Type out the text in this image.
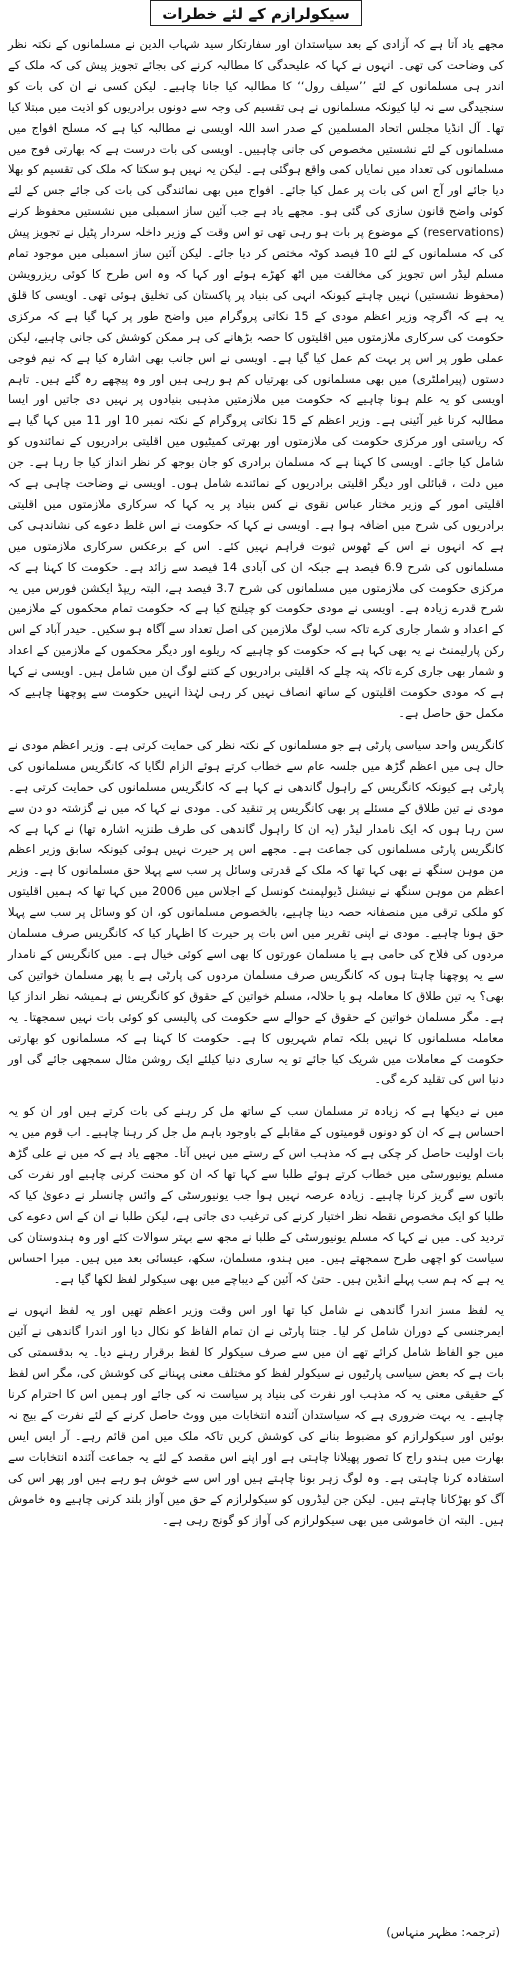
سیکولرازم کے لئے خطرات

مجھے یاد آتا ہے کہ آزادی کے بعد سیاستدان اور سفارتکار سید شہاب الدین نے مسلمانوں کے نکتہ نظر کی وضاحت کی تھی۔ انہوں نے کہا کہ علیحدگی کا مطالبہ کرنے کی بجائے تجویز پیش کی کہ ملک کے اندر ہی مسلمانوں کے لئے ’’سیلف رول‘‘ کا مطالبہ کیا جانا چاہیے۔ لیکن کسی نے ان کی بات کو سنجیدگی سے نہ لیا کیونکہ مسلمانوں نے ہی تقسیم کی وجہ سے دونوں برادریوں کو اذیت میں مبتلا کیا تھا۔ آل انڈیا مجلس اتحاد المسلمین کے صدر اسد اللہ اویسی نے مطالبہ کیا ہے کہ مسلح افواج میں مسلمانوں کے لئے نشستیں مخصوص کی جانی چاہییں۔ اویسی کی بات درست ہے کہ بھارتی فوج میں مسلمانوں کی تعداد میں نمایاں کمی واقع ہوگئی ہے۔ لیکن یہ نہیں ہو سکتا کہ ملک کی تقسیم کو بھلا دیا جائے اور آج اس کی بات پر عمل کیا جائے۔ افواج میں بھی نمائندگی کی بات کی جائے جس کے لئے کوئی واضح قانون سازی کی گئی ہو۔ مجھے یاد ہے جب آئین ساز اسمبلی میں نشستیں محفوظ کرنے (reservations) کے موضوع پر بات ہو رہی تھی تو اس وقت کے وزیر داخلہ سردار پٹیل نے تجویز پیش کی کہ مسلمانوں کے لئے 10 فیصد کوٹہ مختص کر دیا جائے۔ لیکن آئین ساز اسمبلی میں موجود تمام مسلم لیڈر اس تجویز کی مخالفت میں اٹھ کھڑے ہوئے اور کہا کہ وہ اس طرح کا کوئی ریزرویشن (محفوظ نشستیں) نہیں چاہتے کیونکہ انہی کی بنیاد پر پاکستان کی تخلیق ہوئی تھی۔ اویسی کا قلق یہ ہے کہ اگرچہ وزیر اعظم مودی کے 15 نکاتی پروگرام میں واضح طور پر کہا گیا ہے کہ مرکزی حکومت کی سرکاری ملازمتوں میں اقلیتوں کا حصہ بڑھانے کی ہر ممکن کوشش کی جانی چاہیے، لیکن عملی طور پر اس پر بہت کم عمل کیا گیا ہے۔ اویسی نے اس جانب بھی اشارہ کیا ہے کہ نیم فوجی دستوں (پیراملٹری) میں بھی مسلمانوں کی بھرتیاں کم ہو رہی ہیں اور وہ پیچھے رہ گئے ہیں۔ تاہم اویسی کو یہ علم ہونا چاہیے کہ حکومت میں ملازمتیں مذہبی بنیادوں پر نہیں دی جاتیں اور ایسا مطالبہ کرنا غیر آئینی ہے۔ وزیر اعظم کے 15 نکاتی پروگرام کے نکتہ نمبر 10 اور 11 میں کہا گیا ہے کہ ریاستی اور مرکزی حکومت کی ملازمتوں اور بھرتی کمیٹیوں میں اقلیتی برادریوں کے نمائندوں کو شامل کیا جائے۔ اویسی کا کہنا ہے کہ مسلمان برادری کو جان بوجھ کر نظر انداز کیا جا رہا ہے۔ جن میں دلت ، قبائلی اور دیگر اقلیتی برادریوں کے نمائندے شامل ہوں۔ اویسی نے وضاحت چاہی ہے کہ اقلیتی امور کے وزیر مختار عباس نقوی نے کس بنیاد پر یہ کہا کہ سرکاری ملازمتوں میں اقلیتی برادریوں کی شرح میں اضافہ ہوا ہے۔ اویسی نے کہا کہ حکومت نے اس غلط دعوے کی نشاندہی کی ہے کہ انہوں نے اس کے ٹھوس ثبوت فراہم نہیں کئے۔ اس کے برعکس سرکاری ملازمتوں میں مسلمانوں کی شرح 6.9 فیصد ہے جبکہ ان کی آبادی 14 فیصد سے زائد ہے۔ حکومت کا کہنا ہے کہ مرکزی حکومت کی ملازمتوں میں مسلمانوں کی شرح 3.7 فیصد ہے، البتہ ریپڈ ایکشن فورس میں یہ شرح قدرے زیادہ ہے۔ اویسی نے مودی حکومت کو چیلنج کیا ہے کہ حکومت تمام محکموں کے ملازمین کے اعداد و شمار جاری کرے تاکہ سب لوگ ملازمین کی اصل تعداد سے آگاہ ہو سکیں۔ حیدر آباد کے اس رکن پارلیمنٹ نے یہ بھی کہا ہے کہ حکومت کو چاہیے کہ ریلوے اور دیگر محکموں کے ملازمین کے اعداد و شمار بھی جاری کرے تاکہ پتہ چلے کہ اقلیتی برادریوں کے کتنے لوگ ان میں شامل ہیں۔ اویسی نے کہا ہے کہ مودی حکومت اقلیتوں کے ساتھ انصاف نہیں کر رہی لہٰذا انہیں حکومت سے پوچھنا چاہیے کہ مکمل حق حاصل ہے۔

کانگریس واحد سیاسی پارٹی ہے جو مسلمانوں کے نکتہ نظر کی حمایت کرتی ہے۔ وزیر اعظم مودی نے حال ہی میں اعظم گڑھ میں جلسہ عام سے خطاب کرتے ہوئے الزام لگایا کہ کانگریس مسلمانوں کی پارٹی ہے کیونکہ کانگریس کے راہول گاندھی نے کہا ہے کہ کانگریس مسلمانوں کی حمایت کرتی ہے۔ مودی نے تین طلاق کے مسئلے پر بھی کانگریس پر تنقید کی۔ مودی نے کہا کہ میں نے گزشتہ دو دن سے سن رہا ہوں کہ ایک نامدار لیڈر (یہ ان کا راہول گاندھی کی طرف طنزیہ اشارہ تھا) نے کہا ہے کہ کانگریس پارٹی مسلمانوں کی جماعت ہے۔ مجھے اس پر حیرت نہیں ہوئی کیونکہ سابق وزیر اعظم من موہن سنگھ نے بھی کہا تھا کہ ملک کے قدرتی وسائل پر سب سے پہلا حق مسلمانوں کا ہے۔ وزیر اعظم من موہن سنگھ نے نیشنل ڈیولپمنٹ کونسل کے اجلاس میں 2006 میں کہا تھا کہ ہمیں اقلیتوں کو ملکی ترقی میں منصفانہ حصہ دینا چاہیے، بالخصوص مسلمانوں کو، ان کو وسائل پر سب سے پہلا حق ہونا چاہیے۔ مودی نے اپنی تقریر میں اس بات پر حیرت کا اظہار کیا کہ کانگریس صرف مسلمان مردوں کی فلاح کی حامی ہے یا مسلمان عورتوں کا بھی اسے کوئی خیال ہے۔ میں کانگریس کے نامدار سے یہ پوچھنا چاہتا ہوں کہ کانگریس صرف مسلمان مردوں کی پارٹی ہے یا پھر مسلمان خواتین کی بھی؟ یہ تین طلاق کا معاملہ ہو یا حلالہ، مسلم خواتین کے حقوق کو کانگریس نے ہمیشہ نظر انداز کیا ہے۔ مگر مسلمان خواتین کے حقوق کے حوالے سے حکومت کی پالیسی کو کوئی بات نہیں سمجھتا۔ یہ معاملہ مسلمانوں کا نہیں بلکہ تمام شہریوں کا ہے۔ حکومت کا کہنا ہے کہ مسلمانوں کو بھارتی حکومت کے معاملات میں شریک کیا جائے تو یہ ساری دنیا کیلئے ایک روشن مثال سمجھی جائے گی اور دنیا اس کی تقلید کرے گی۔

میں نے دیکھا ہے کہ زیادہ تر مسلمان سب کے ساتھ مل کر رہنے کی بات کرتے ہیں اور ان کو یہ احساس ہے کہ ان کو دونوں قومیتوں کے مقابلے کے باوجود باہم مل جل کر رہنا چاہیے۔ اب قوم میں یہ بات اولیت حاصل کر چکی ہے کہ مذہب اس کے رستے میں نہیں آتا۔ مجھے یاد ہے کہ میں نے علی گڑھ مسلم یونیورسٹی میں خطاب کرتے ہوئے طلبا سے کہا تھا کہ ان کو محنت کرنی چاہیے اور نفرت کی باتوں سے گریز کرنا چاہیے۔ زیادہ عرصہ نہیں ہوا جب یونیورسٹی کے وائس چانسلر نے دعویٰ کیا کہ طلبا کو ایک مخصوص نقطہ نظر اختیار کرنے کی ترغیب دی جاتی ہے، لیکن طلبا نے ان کے اس دعوے کی تردید کی۔ میں نے کہا کہ مسلم یونیورسٹی کے طلبا نے مجھ سے بہتر سوالات کئے اور وہ ہندوستان کی سیاست کو اچھی طرح سمجھتے ہیں۔ میں ہندو، مسلمان، سکھ، عیسائی بعد میں ہیں۔ میرا احساس یہ ہے کہ ہم سب پہلے انڈین ہیں۔ حتیٰ کہ آئین کے دیباچے میں بھی سیکولر لفظ لکھا گیا ہے۔

یہ لفظ مسز اندرا گاندھی نے شامل کیا تھا اور اس وقت وزیر اعظم تھیں اور یہ لفظ انہوں نے ایمرجنسی کے دوران شامل کر لیا۔ جنتا پارٹی نے ان تمام الفاظ کو نکال دیا اور اندرا گاندھی نے آئین میں جو الفاظ شامل کرائے تھے ان میں سے صرف سیکولر کا لفظ برقرار رہنے دیا۔ یہ بدقسمتی کی بات ہے کہ بعض سیاسی پارٹیوں نے سیکولر لفظ کو مختلف معنی پہنانے کی کوشش کی، مگر اس لفظ کے حقیقی معنی یہ کہ مذہب اور نفرت کی بنیاد پر سیاست نہ کی جائے اور ہمیں اس کا احترام کرنا چاہیے۔ یہ بہت ضروری ہے کہ سیاستدان آئندہ انتخابات میں ووٹ حاصل کرنے کے لئے نفرت کے بیج نہ بوئیں اور سیکولرازم کو مضبوط بنانے کی کوشش کریں تاکہ ملک میں امن قائم رہے۔ آر ایس ایس بھارت میں ہندو راج کا تصور پھیلانا چاہتی ہے اور اپنے اس مقصد کے لئے یہ جماعت آئندہ انتخابات سے استفادہ کرنا چاہتی ہے۔ وہ لوگ زہر بونا چاہتے ہیں اور اس سے خوش ہو رہے ہیں اور پھر اس کی آگ کو بھڑکانا چاہتے ہیں۔ لیکن جن لیڈروں کو سیکولرازم کے حق میں آواز بلند کرنی چاہیے وہ خاموش ہیں۔ البتہ ان خاموشی میں بھی سیکولرازم کی آواز کو گونج رہی ہے۔

(ترجمہ: مظہر منہاس)
